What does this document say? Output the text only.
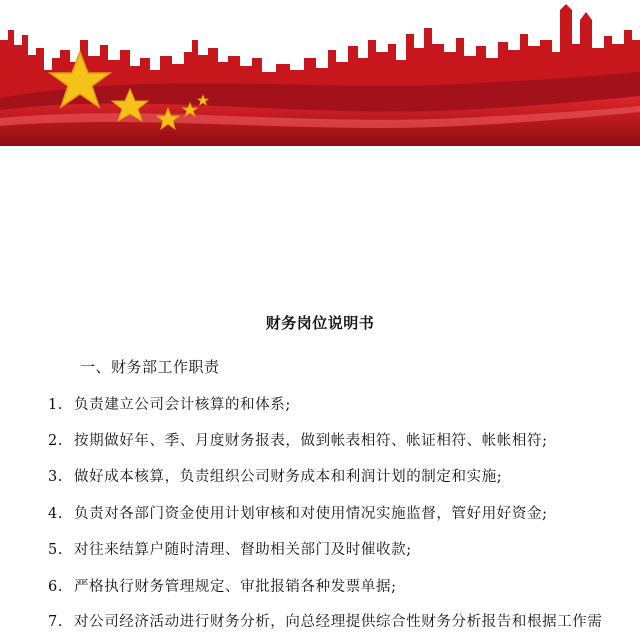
财务岗位说明书
一、财务部工作职责
1. 负责建立公司会计核算的和体系;
2. 按期做好年、季、月度财务报表，做到帐表相符、帐证相符、帐帐相符;
3. 做好成本核算，负责组织公司财务成本和利润计划的制定和实施;
4. 负责对各部门资金使用计划审核和对使用情况实施监督，管好用好资金;
5. 对往来结算户随时清理、督助相关部门及时催收款;
6. 严格执行财务管理规定、审批报销各种发票单据;
7. 对公司经济活动进行财务分析，向总经理提供综合性财务分析报告和根据工作需
